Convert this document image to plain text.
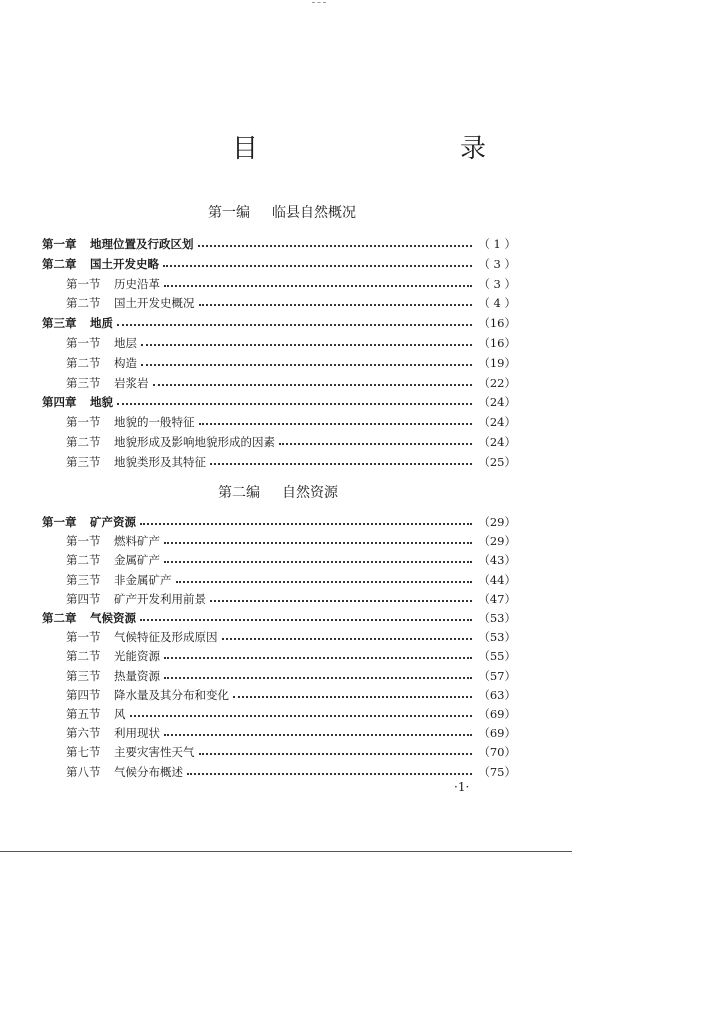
目　　录
第一编 临县自然概况
第二编 自然资源
第一章	地理位置及行政区划	（ 1 ）
第二章	国土开发史略	（ 3 ）
第一节	历史沿革	（ 3 ）
第二节	国土开发史概况	（ 4 ）
第三章	地质	（16）
第一节	地层	（16）
第二节	构造	（19）
第三节	岩浆岩	（22）
第四章	地貌	（24）
第一节	地貌的一般特征	（24）
第二节	地貌形成及影响地貌形成的因素	（24）
第三节	地貌类形及其特征	（25）
第一章	矿产资源	（29）
第一节	燃料矿产	（29）
第二节	金属矿产	（43）
第三节	非金属矿产	（44）
第四节	矿产开发利用前景	（47）
第二章	气候资源	（53）
第一节	气候特征及形成原因	（53）
第二节	光能资源	（55）
第三节	热量资源	（57）
第四节	降水量及其分布和变化	（63）
第五节	风	（69）
第六节	利用现状	（69）
第七节	主要灾害性天气	（70）
第八节	气候分布概述	（75）
·1·
